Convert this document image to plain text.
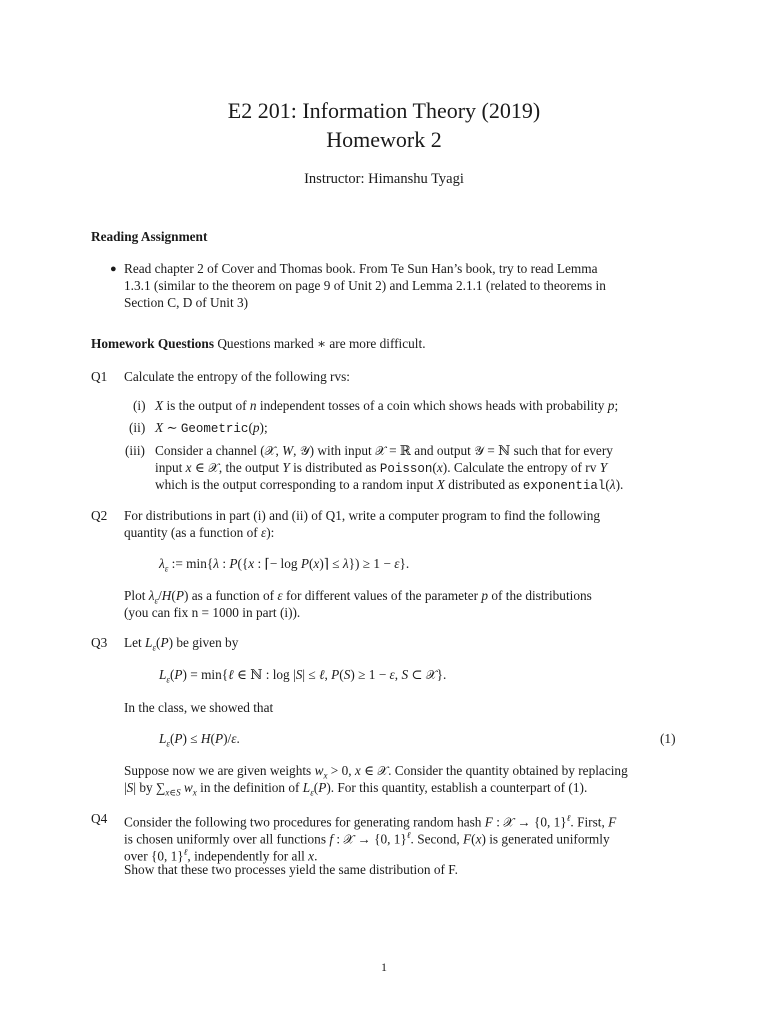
E2 201: Information Theory (2019)
Homework 2
Instructor: Himanshu Tyagi
Reading Assignment
● Read chapter 2 of Cover and Thomas book. From Te Sun Han’s book, try to read Lemma
1.3.1 (similar to the theorem on page 9 of Unit 2) and Lemma 2.1.1 (related to theorems in
Section C, D of Unit 3)
Homework Questions Questions marked ∗ are more difficult.
Q1 Calculate the entropy of the following rvs:
(i) X is the output of n independent tosses of a coin which shows heads with probability p;
(ii) X ∼ Geometric(p);
(iii) Consider a channel (𝒳, W, 𝒴) with input 𝒳 = ℝ and output 𝒴 = ℕ such that for every
input x ∈ 𝒳, the output Y is distributed as Poisson(x). Calculate the entropy of rv Y
which is the output corresponding to a random input X distributed as exponential(λ).
Q2 For distributions in part (i) and (ii) of Q1, write a computer program to find the following
quantity (as a function of ε):
$\lambda_\varepsilon$ := min{λ : P({x : ⌈− log P(x)⌉ ≤ λ}) ≥ 1 − ε}.
Plot $\lambda_\varepsilon/H(P)$ as a function of ε for different values of the parameter p of the distributions
(you can fix n = 1000 in part (i)).
Q3 Let $L_\varepsilon(P)$ be given by
$L_\varepsilon(P)$ = min{ℓ ∈ ℕ : log |S| ≤ ℓ, P(S) ≥ 1 − ε, S ⊂ 𝒳}.
In the class, we showed that
$L_\varepsilon(P) \le H(P)/\varepsilon$.	(1)
Suppose now we are given weights $w_x > 0$, x ∈ 𝒳. Consider the quantity obtained by replacing
|S| by $\sum_{x\in S}$ $w_x$ in the definition of $L_\varepsilon(P)$. For this quantity, establish a counterpart of (1).
Q4 Consider the following two procedures for generating random hash F : 𝒳 → {0, 1}$^\ell$. First, F
is chosen uniformly over all functions f : 𝒳 → {0, 1}$^\ell$. Second, F(x) is generated uniformly
over {0, 1}$^\ell$, independently for all x.
Show that these two processes yield the same distribution of F.
1
